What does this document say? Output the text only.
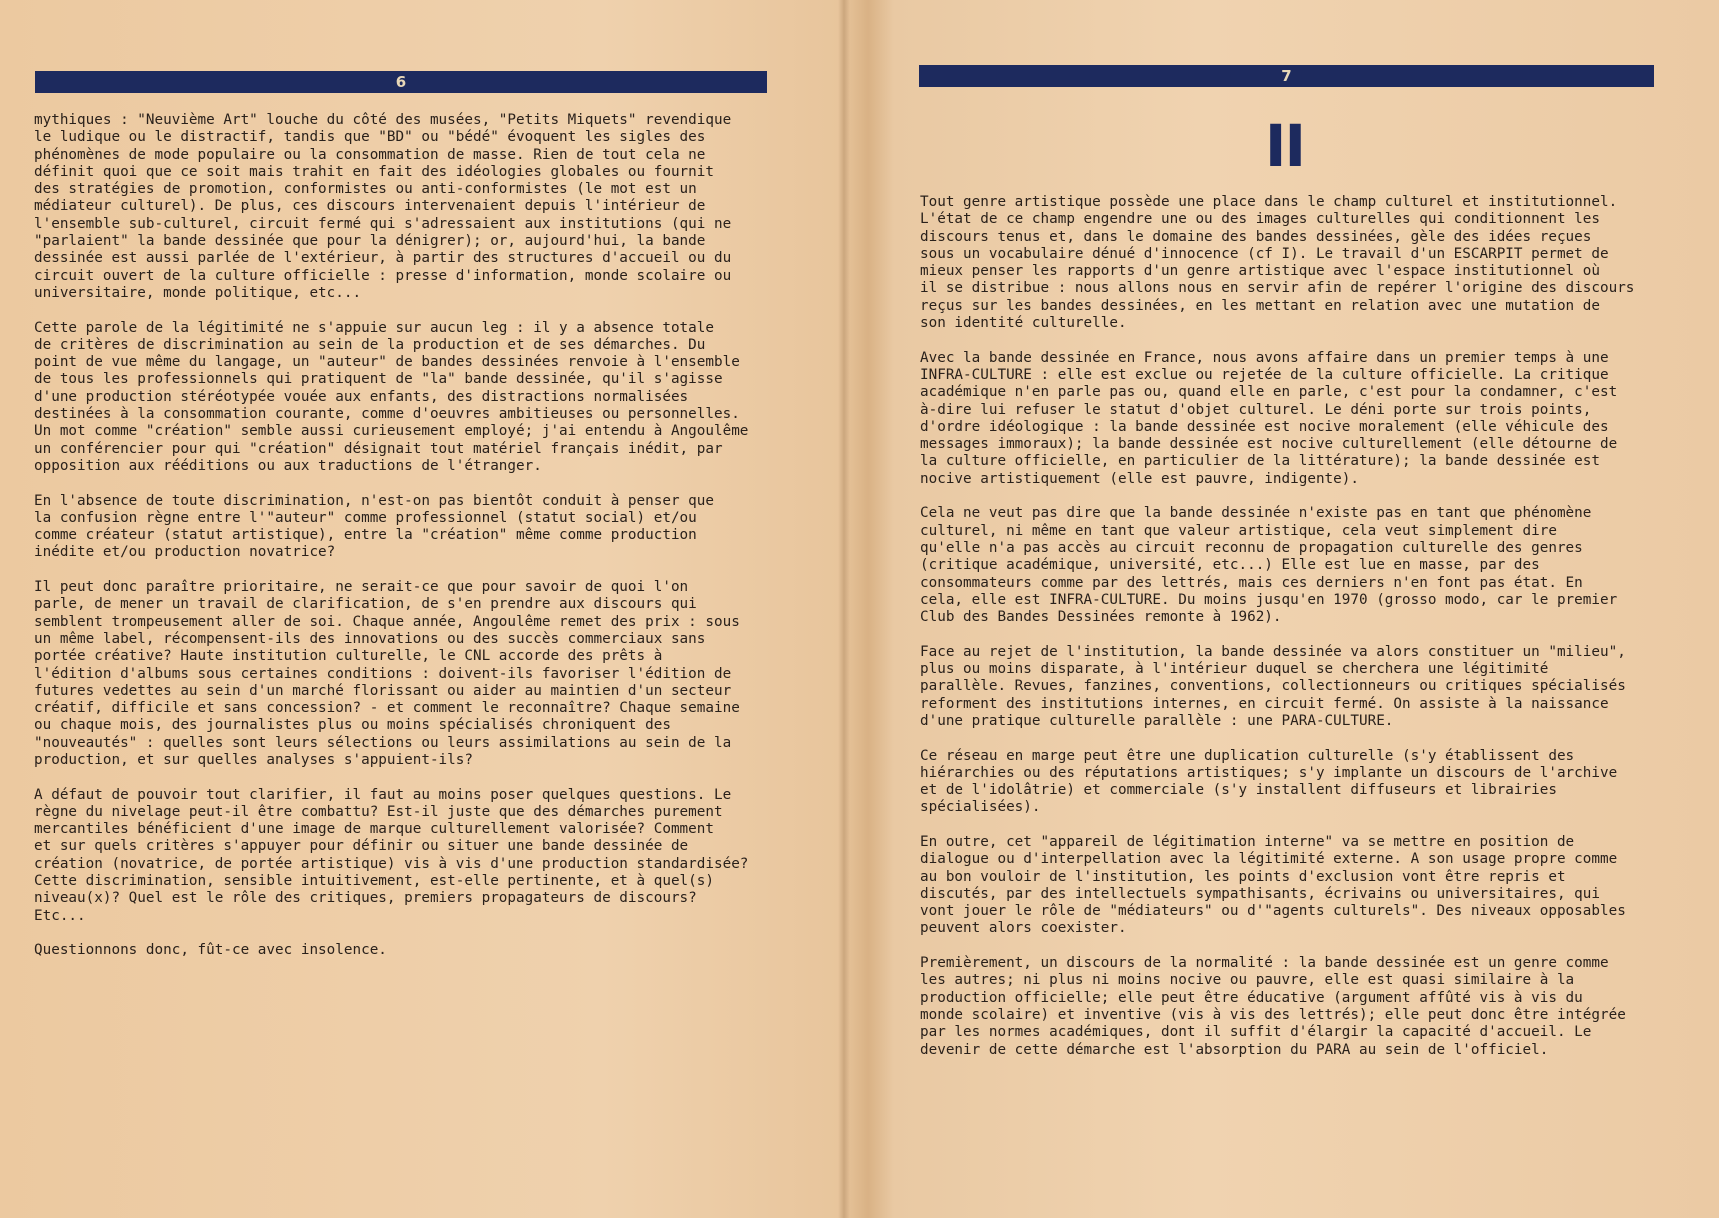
6

mythiques : "Neuvième Art" louche du côté des musées, "Petits Miquets" revendique
le ludique ou le distractif, tandis que "BD" ou "bédé" évoquent les sigles des
phénomènes de mode populaire ou la consommation de masse. Rien de tout cela ne
définit quoi que ce soit mais trahit en fait des idéologies globales ou fournit
des stratégies de promotion, conformistes ou anti-conformistes (le mot est un
médiateur culturel). De plus, ces discours intervenaient depuis l'intérieur de
l'ensemble sub-culturel, circuit fermé qui s'adressaient aux institutions (qui ne
"parlaient" la bande dessinée que pour la dénigrer); or, aujourd'hui, la bande
dessinée est aussi parlée de l'extérieur, à partir des structures d'accueil ou du
circuit ouvert de la culture officielle : presse d'information, monde scolaire ou
universitaire, monde politique, etc...

Cette parole de la légitimité ne s'appuie sur aucun leg : il y a absence totale
de critères de discrimination au sein de la production et de ses démarches. Du
point de vue même du langage, un "auteur" de bandes dessinées renvoie à l'ensemble
de tous les professionnels qui pratiquent de "la" bande dessinée, qu'il s'agisse
d'une production stéréotypée vouée aux enfants, des distractions normalisées
destinées à la consommation courante, comme d'oeuvres ambitieuses ou personnelles.
Un mot comme "création" semble aussi curieusement employé; j'ai entendu à Angoulême
un conférencier pour qui "création" désignait tout matériel français inédit, par
opposition aux rééditions ou aux traductions de l'étranger.

En l'absence de toute discrimination, n'est-on pas bientôt conduit à penser que
la confusion règne entre l'"auteur" comme professionnel (statut social) et/ou
comme créateur (statut artistique), entre la "création" même comme production
inédite et/ou production novatrice?

Il peut donc paraître prioritaire, ne serait-ce que pour savoir de quoi l'on
parle, de mener un travail de clarification, de s'en prendre aux discours qui
semblent trompeusement aller de soi. Chaque année, Angoulême remet des prix : sous
un même label, récompensent-ils des innovations ou des succès commerciaux sans
portée créative? Haute institution culturelle, le CNL accorde des prêts à
l'édition d'albums sous certaines conditions : doivent-ils favoriser l'édition de
futures vedettes au sein d'un marché florissant ou aider au maintien d'un secteur
créatif, difficile et sans concession? - et comment le reconnaître? Chaque semaine
ou chaque mois, des journalistes plus ou moins spécialisés chroniquent des
"nouveautés" : quelles sont leurs sélections ou leurs assimilations au sein de la
production, et sur quelles analyses s'appuient-ils?

A défaut de pouvoir tout clarifier, il faut au moins poser quelques questions. Le
règne du nivelage peut-il être combattu? Est-il juste que des démarches purement
mercantiles bénéficient d'une image de marque culturellement valorisée? Comment
et sur quels critères s'appuyer pour définir ou situer une bande dessinée de
création (novatrice, de portée artistique) vis à vis d'une production standardisée?
Cette discrimination, sensible intuitivement, est-elle pertinente, et à quel(s)
niveau(x)? Quel est le rôle des critiques, premiers propagateurs de discours?
Etc...

Questionnons donc, fût-ce avec insolence.

7
II

Tout genre artistique possède une place dans le champ culturel et institutionnel.
L'état de ce champ engendre une ou des images culturelles qui conditionnent les
discours tenus et, dans le domaine des bandes dessinées, gèle des idées reçues
sous un vocabulaire dénué d'innocence (cf I). Le travail d'un ESCARPIT permet de
mieux penser les rapports d'un genre artistique avec l'espace institutionnel où
il se distribue : nous allons nous en servir afin de repérer l'origine des discours
reçus sur les bandes dessinées, en les mettant en relation avec une mutation de
son identité culturelle.

Avec la bande dessinée en France, nous avons affaire dans un premier temps à une
INFRA-CULTURE : elle est exclue ou rejetée de la culture officielle. La critique
académique n'en parle pas ou, quand elle en parle, c'est pour la condamner, c'est
à-dire lui refuser le statut d'objet culturel. Le déni porte sur trois points,
d'ordre idéologique : la bande dessinée est nocive moralement (elle véhicule des
messages immoraux); la bande dessinée est nocive culturellement (elle détourne de
la culture officielle, en particulier de la littérature); la bande dessinée est
nocive artistiquement (elle est pauvre, indigente).

Cela ne veut pas dire que la bande dessinée n'existe pas en tant que phénomène
culturel, ni même en tant que valeur artistique, cela veut simplement dire
qu'elle n'a pas accès au circuit reconnu de propagation culturelle des genres
(critique académique, université, etc...) Elle est lue en masse, par des
consommateurs comme par des lettrés, mais ces derniers n'en font pas état. En
cela, elle est INFRA-CULTURE. Du moins jusqu'en 1970 (grosso modo, car le premier
Club des Bandes Dessinées remonte à 1962).

Face au rejet de l'institution, la bande dessinée va alors constituer un "milieu",
plus ou moins disparate, à l'intérieur duquel se cherchera une légitimité
parallèle. Revues, fanzines, conventions, collectionneurs ou critiques spécialisés
reforment des institutions internes, en circuit fermé. On assiste à la naissance
d'une pratique culturelle parallèle : une PARA-CULTURE.

Ce réseau en marge peut être une duplication culturelle (s'y établissent des
hiérarchies ou des réputations artistiques; s'y implante un discours de l'archive
et de l'idolâtrie) et commerciale (s'y installent diffuseurs et librairies
spécialisées).

En outre, cet "appareil de légitimation interne" va se mettre en position de
dialogue ou d'interpellation avec la légitimité externe. A son usage propre comme
au bon vouloir de l'institution, les points d'exclusion vont être repris et
discutés, par des intellectuels sympathisants, écrivains ou universitaires, qui
vont jouer le rôle de "médiateurs" ou d'"agents culturels". Des niveaux opposables
peuvent alors coexister.

Premièrement, un discours de la normalité : la bande dessinée est un genre comme
les autres; ni plus ni moins nocive ou pauvre, elle est quasi similaire à la
production officielle; elle peut être éducative (argument affûté vis à vis du
monde scolaire) et inventive (vis à vis des lettrés); elle peut donc être intégrée
par les normes académiques, dont il suffit d'élargir la capacité d'accueil. Le
devenir de cette démarche est l'absorption du PARA au sein de l'officiel.
